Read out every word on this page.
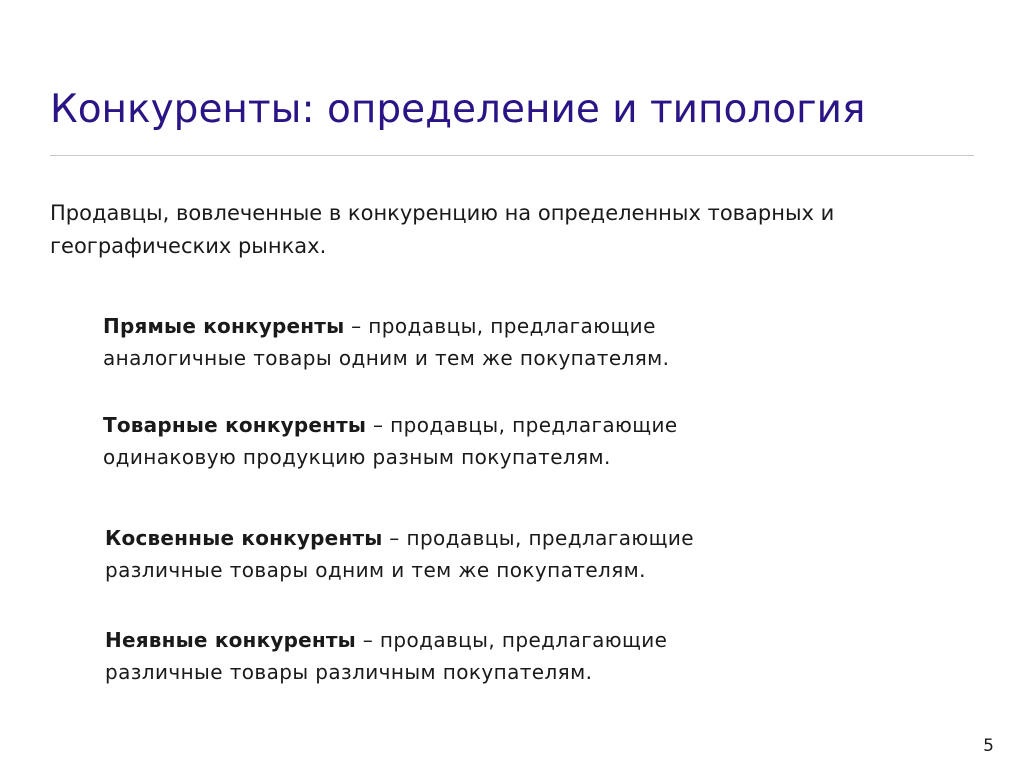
Конкуренты: определение и типология

Продавцы, вовлеченные в конкуренцию на определенных товарных и географических рынках.

Прямые конкуренты – продавцы, предлагающие
аналогичные товары одним и тем же покупателям.

Товарные конкуренты – продавцы, предлагающие
одинаковую продукцию разным покупателям.

Косвенные конкуренты – продавцы, предлагающие
различные товары одним и тем же покупателям.

Неявные конкуренты – продавцы, предлагающие
различные товары различным покупателям.

5
